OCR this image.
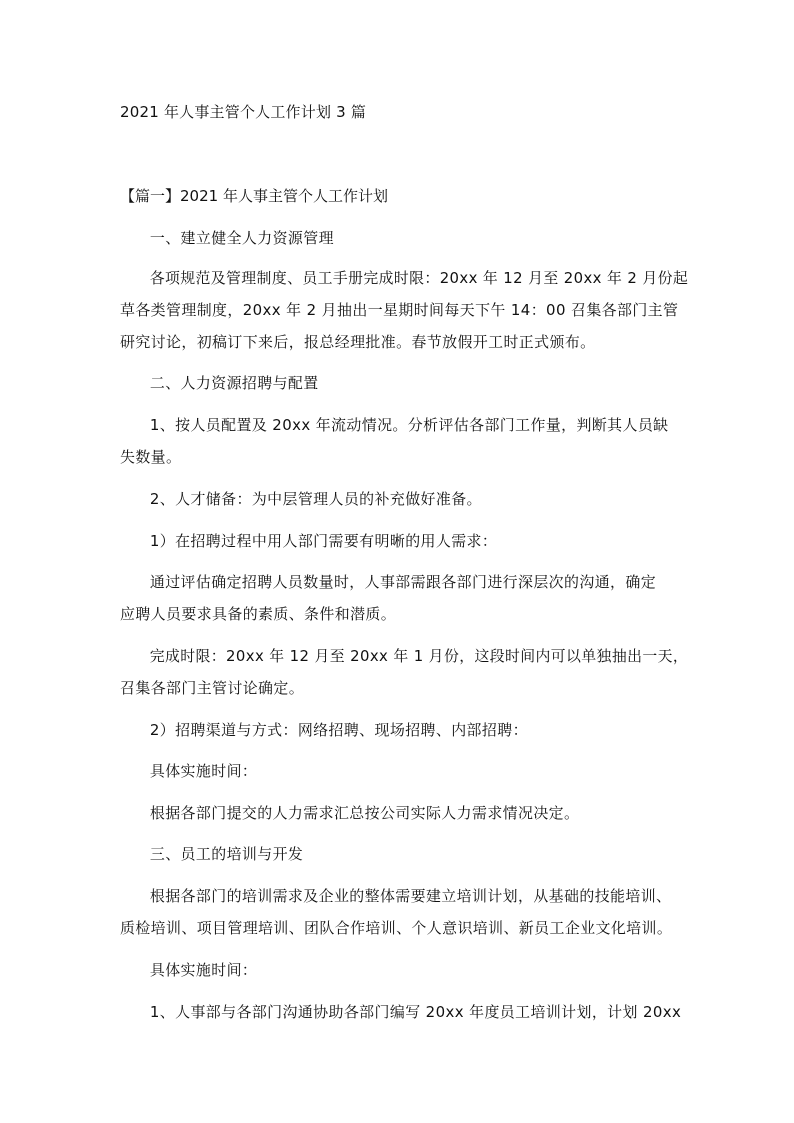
2021 年人事主管个人工作计划 3 篇
【篇一】2021 年人事主管个人工作计划
一、建立健全人力资源管理
各项规范及管理制度、员工手册完成时限：20xx 年 12 月至 20xx 年 2 月份起
草各类管理制度，20xx 年 2 月抽出一星期时间每天下午 14：00 召集各部门主管
研究讨论，初稿订下来后，报总经理批准。春节放假开工时正式颁布。
二、人力资源招聘与配置
1、按人员配置及 20xx 年流动情况。分析评估各部门工作量，判断其人员缺
失数量。
2、人才储备：为中层管理人员的补充做好准备。
1）在招聘过程中用人部门需要有明晰的用人需求：
通过评估确定招聘人员数量时，人事部需跟各部门进行深层次的沟通，确定
应聘人员要求具备的素质、条件和潜质。
完成时限：20xx 年 12 月至 20xx 年 1 月份，这段时间内可以单独抽出一天，
召集各部门主管讨论确定。
2）招聘渠道与方式：网络招聘、现场招聘、内部招聘：
具体实施时间：
根据各部门提交的人力需求汇总按公司实际人力需求情况决定。
三、员工的培训与开发
根据各部门的培训需求及企业的整体需要建立培训计划，从基础的技能培训、
质检培训、项目管理培训、团队合作培训、个人意识培训、新员工企业文化培训。
具体实施时间：
1、人事部与各部门沟通协助各部门编写 20xx 年度员工培训计划，计划 20xx
